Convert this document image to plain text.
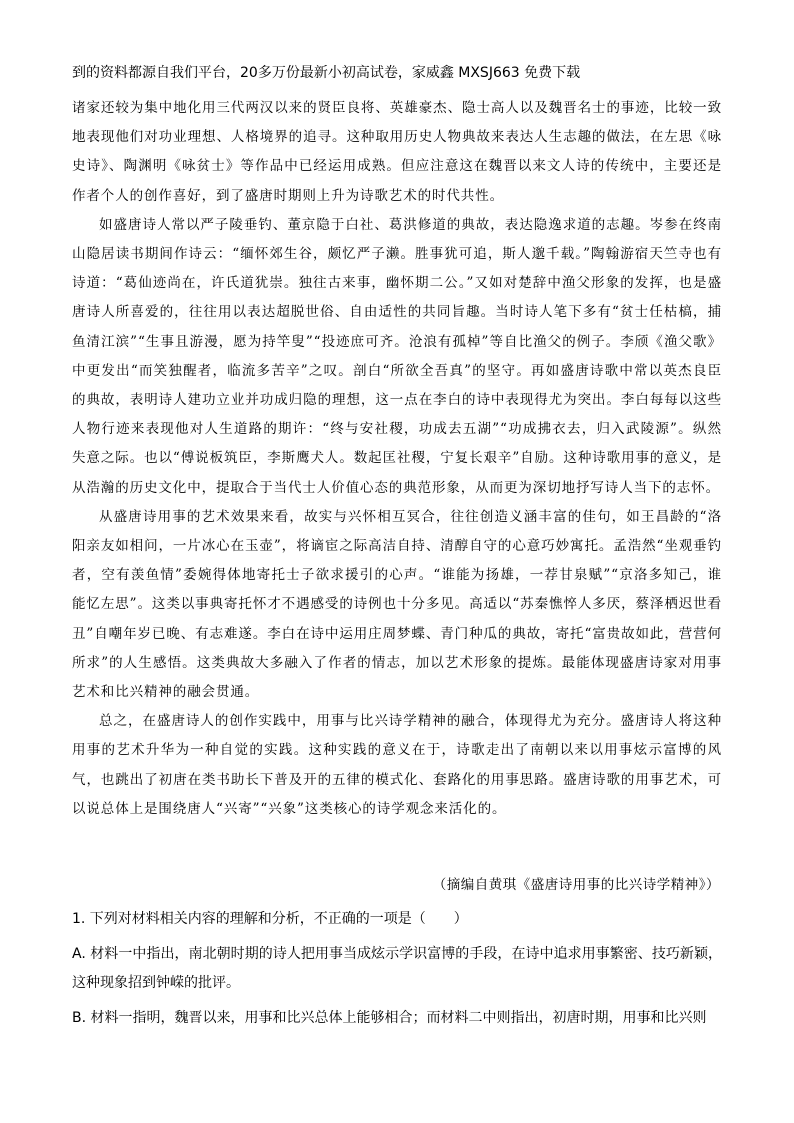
到的资料都源自我们平台，20多万份最新小初高试卷，家威鑫 MXSJ663 免费下载

诸家还较为集中地化用三代两汉以来的贤臣良将、英雄豪杰、隐士高人以及魏晋名士的事迹，比较一致地表现他们对功业理想、人格境界的追寻。这种取用历史人物典故来表达人生志趣的做法，在左思《咏史诗》、陶渊明《咏贫士》等作品中已经运用成熟。但应注意这在魏晋以来文人诗的传统中，主要还是作者个人的创作喜好，到了盛唐时期则上升为诗歌艺术的时代共性。

如盛唐诗人常以严子陵垂钓、董京隐于白社、葛洪修道的典故，表达隐逸求道的志趣。岑参在终南山隐居读书期间作诗云：“缅怀郊生谷，颇忆严子濑。胜事犹可追，斯人邈千载。”陶翰游宿天竺寺也有诗道：“葛仙迹尚在，许氏道犹崇。独往古来事，幽怀期二公。”又如对楚辞中渔父形象的发挥，也是盛唐诗人所喜爱的，往往用以表达超脱世俗、自由适性的共同旨趣。当时诗人笔下多有“贫士任枯槁，捕鱼清江滨”“生事且游漫，愿为持竿叟”“投迹庶可齐。沧浪有孤棹”等自比渔父的例子。李颀《渔父歌》中更发出“而笑独醒者，临流多苦辛”之叹。剖白“所欲全吾真”的坚守。再如盛唐诗歌中常以英杰良臣的典故，表明诗人建功立业并功成归隐的理想，这一点在李白的诗中表现得尤为突出。李白每每以这些人物行迹来表现他对人生道路的期许：“终与安社稷，功成去五湖”“功成拂衣去，归入武陵源”。纵然失意之际。也以“傅说板筑臣，李斯鹰犬人。数起匡社稷，宁复长艰辛”自励。这种诗歌用事的意义，是从浩瀚的历史文化中，提取合于当代士人价值心态的典范形象，从而更为深切地抒写诗人当下的志怀。

从盛唐诗用事的艺术效果来看，故实与兴怀相互冥合，往往创造义涵丰富的佳句，如王昌龄的“洛阳亲友如相问，一片冰心在玉壶”，将谪宦之际高洁自持、清醇自守的心意巧妙寓托。孟浩然“坐观垂钓者，空有羡鱼情”委婉得体地寄托士子欲求援引的心声。“谁能为扬雄，一荐甘泉赋”“京洛多知己，谁能忆左思”。这类以事典寄托怀才不遇感受的诗例也十分多见。高适以“苏秦憔悴人多厌，蔡泽栖迟世看丑”自嘲年岁已晚、有志难遂。李白在诗中运用庄周梦蝶、青门种瓜的典故，寄托“富贵故如此，营营何所求”的人生感悟。这类典故大多融入了作者的情志，加以艺术形象的提炼。最能体现盛唐诗家对用事艺术和比兴精神的融会贯通。

总之，在盛唐诗人的创作实践中，用事与比兴诗学精神的融合，体现得尤为充分。盛唐诗人将这种用事的艺术升华为一种自觉的实践。这种实践的意义在于，诗歌走出了南朝以来以用事炫示富博的风气，也跳出了初唐在类书助长下普及开的五律的模式化、套路化的用事思路。盛唐诗歌的用事艺术，可以说总体上是围绕唐人“兴寄”“兴象”这类核心的诗学观念来活化的。

（摘编自黄琪《盛唐诗用事的比兴诗学精神》）

1. 下列对材料相关内容的理解和分析，不正确的一项是（　　）

A. 材料一中指出，南北朝时期的诗人把用事当成炫示学识富博的手段，在诗中追求用事繁密、技巧新颖，这种现象招到钟嵘的批评。

B. 材料一指明，魏晋以来，用事和比兴总体上能够相合；而材料二中则指出，初唐时期，用事和比兴则
